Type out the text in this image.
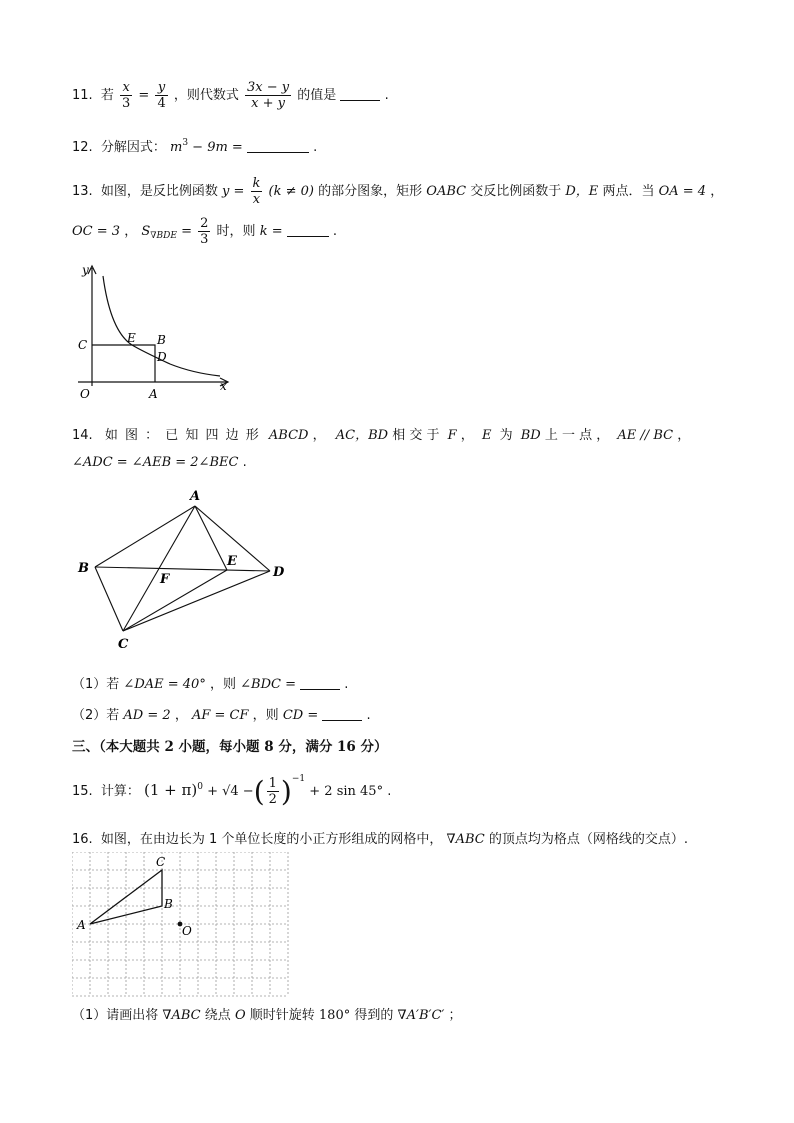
11. 若 $\frac{x}{3} = \frac{y}{4}$ ，则代数式 $\frac{3x - y}{x + y}$ 的值是	.
12. 分解因式： $m^3 - 9m$ =	.
13. 如图，是反比例函数 $y = \frac{k}{x} (k \ne 0)$ 的部分图象，矩形 OABC 交反比例函数于 D，E 两点．当 OA = 4 ，
OC = 3 ， $S_{\nabla BDE} = \frac{2}{3}$ 时，则 k =	.
y
x
O
C	E B
D
A
14. 如 图 ： 已 知 四 边 形 ABCD ， AC，BD 相 交 于 F ， E 为 BD 上 一 点 ， AE // BC ，
∠ADC = ∠AEB = 2∠BEC .
A
B
C
D
E
F
（1）若 ∠DAE = 40° ，则 ∠BDC =	.
（2）若 AD = 2 ， AF = CF ，则 CD =	.
三、（本大题共 2 小题，每小题 8 分，满分 16 分）
15. 计算： $(1 + \pi)^0 + √4$ −( $\frac{1}{2} )^{-1} + 2$ sin 45° .
16. 如图，在由边长为 1 个单位长度的小正方形组成的网格中， ∇ABC 的顶点均为格点（网格线的交点）.
A
B
C
O
（1）请画出将 ∇ABC 绕点 O 顺时针旋转 180° 得到的 ∇A′B′C′ ；
